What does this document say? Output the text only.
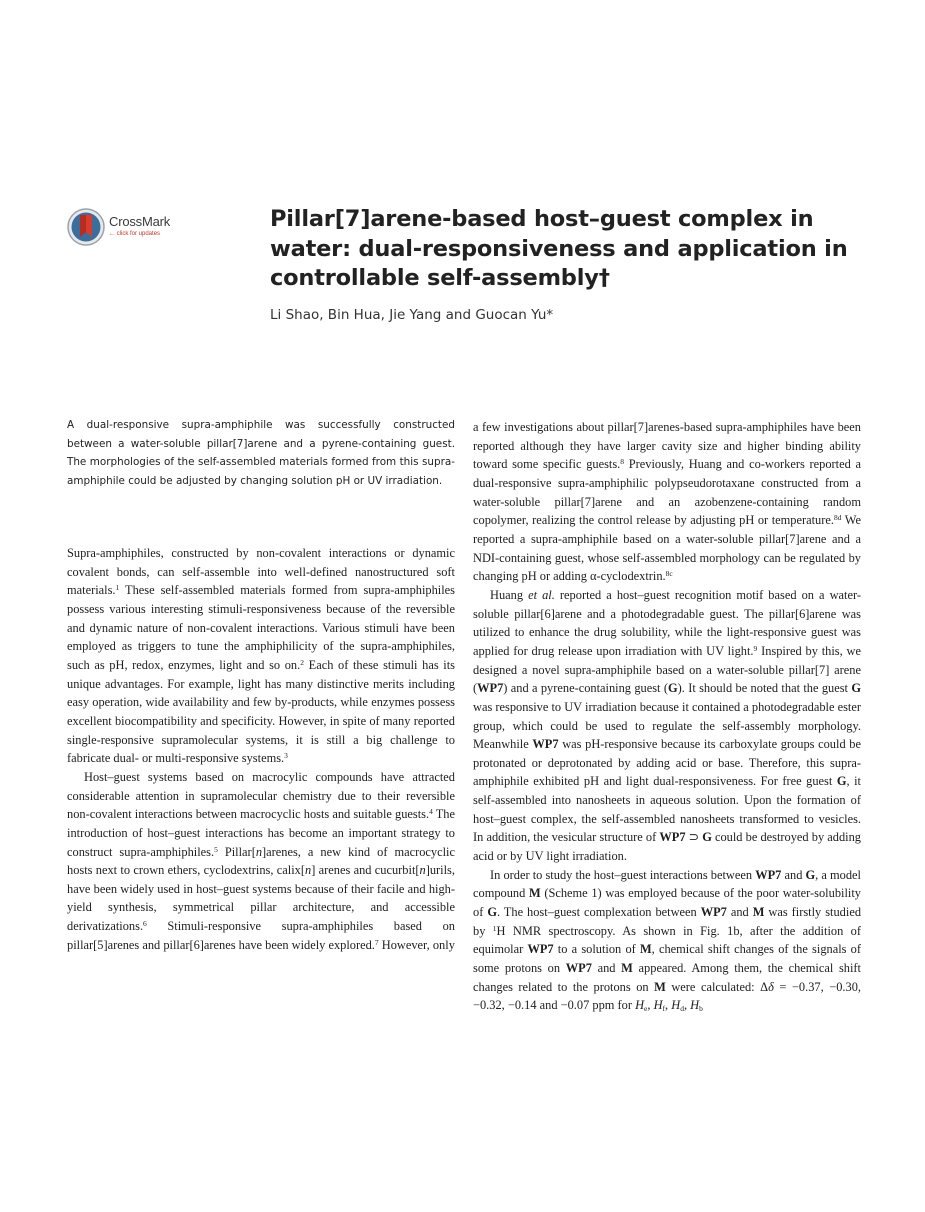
CrossMark
← click for updates
Pillar[7]arene-based host–guest complex in water: dual-responsiveness and application in controllable self-assembly†
Li Shao, Bin Hua, Jie Yang and Guocan Yu*

A dual-responsive supra-amphiphile was successfully constructed between a water-soluble pillar[7]arene and a pyrene-containing guest. The morphologies of the self-assembled materials formed from this supra-amphiphile could be adjusted by changing solution pH or UV irradiation.

Supra-amphiphiles, constructed by non-covalent interactions or dynamic covalent bonds, can self-assemble into well-defined nanostructured soft materials.$^1$ These self-assembled materials formed from supra-amphiphiles possess various interesting stimuli-responsiveness because of the reversible and dynamic nature of non-covalent interactions. Various stimuli have been employed as triggers to tune the amphiphilicity of the supra-amphiphiles, such as pH, redox, enzymes, light and so on.$^2$ Each of these stimuli has its unique advantages. For example, light has many distinctive merits including easy operation, wide availability and few by-products, while enzymes possess excellent biocompatibility and specificity. However, in spite of many reported single-responsive supramolecular systems, it is still a big challenge to fabricate dual- or multi-responsive systems.$^3$

Host–guest systems based on macrocylic compounds have attracted considerable attention in supramolecular chemistry due to their reversible non-covalent interactions between macrocyclic hosts and suitable guests.$^4$ The introduction of host–guest interactions has become an important strategy to construct supra-amphiphiles.$^5$ Pillar[n]arenes, a new kind of macrocyclic hosts next to crown ethers, cyclodextrins, calix[n] arenes and cucurbit[n]urils, have been widely used in host–guest systems because of their facile and high-yield synthesis, symmetrical pillar architecture, and accessible derivatizations.$^6$ Stimuli-responsive supra-amphiphiles based on pillar[5]arenes and pillar[6]arenes have been widely explored.$^7$ However, only

a few investigations about pillar[7]arenes-based supra-amphiphiles have been reported although they have larger cavity size and higher binding ability toward some specific guests.$^8$ Previously, Huang and co-workers reported a dual-responsive supra-amphiphilic polypseudorotaxane constructed from a water-soluble pillar[7]arene and an azobenzene-containing random copolymer, realizing the control release by adjusting pH or temperature.$^{8d}$ We reported a supra-amphiphile based on a water-soluble pillar[7]arene and a NDI-containing guest, whose self-assembled morphology can be regulated by changing pH or adding α-cyclodextrin.$^{8c}$

Huang et al. reported a host–guest recognition motif based on a water-soluble pillar[6]arene and a photodegradable guest. The pillar[6]arene was utilized to enhance the drug solubility, while the light-responsive guest was applied for drug release upon irradiation with UV light.$^9$ Inspired by this, we designed a novel supra-amphiphile based on a water-soluble pillar[7] arene (WP7) and a pyrene-containing guest (G). It should be noted that the guest G was responsive to UV irradiation because it contained a photodegradable ester group, which could be used to regulate the self-assembly morphology. Meanwhile WP7 was pH-responsive because its carboxylate groups could be protonated or deprotonated by adding acid or base. Therefore, this supra-amphiphile exhibited pH and light dual-responsiveness. For free guest G, it self-assembled into nanosheets in aqueous solution. Upon the formation of host–guest complex, the self-assembled nanosheets transformed to vesicles. In addition, the vesicular structure of WP7 ⊃ G could be destroyed by adding acid or by UV light irradiation.

In order to study the host–guest interactions between WP7 and G, a model compound M (Scheme 1) was employed because of the poor water-solubility of G. The host–guest complexation between WP7 and M was firstly studied by $^1$H NMR spectroscopy. As shown in Fig. 1b, after the addition of equimolar WP7 to a solution of M, chemical shift changes of the signals of some protons on WP7 and M appeared. Among them, the chemical shift changes related to the protons on M were calculated: Δδ = −0.37, −0.30, −0.32, −0.14 and −0.07 ppm for $H_e$, $H_f$, $H_d$, $H_b$
